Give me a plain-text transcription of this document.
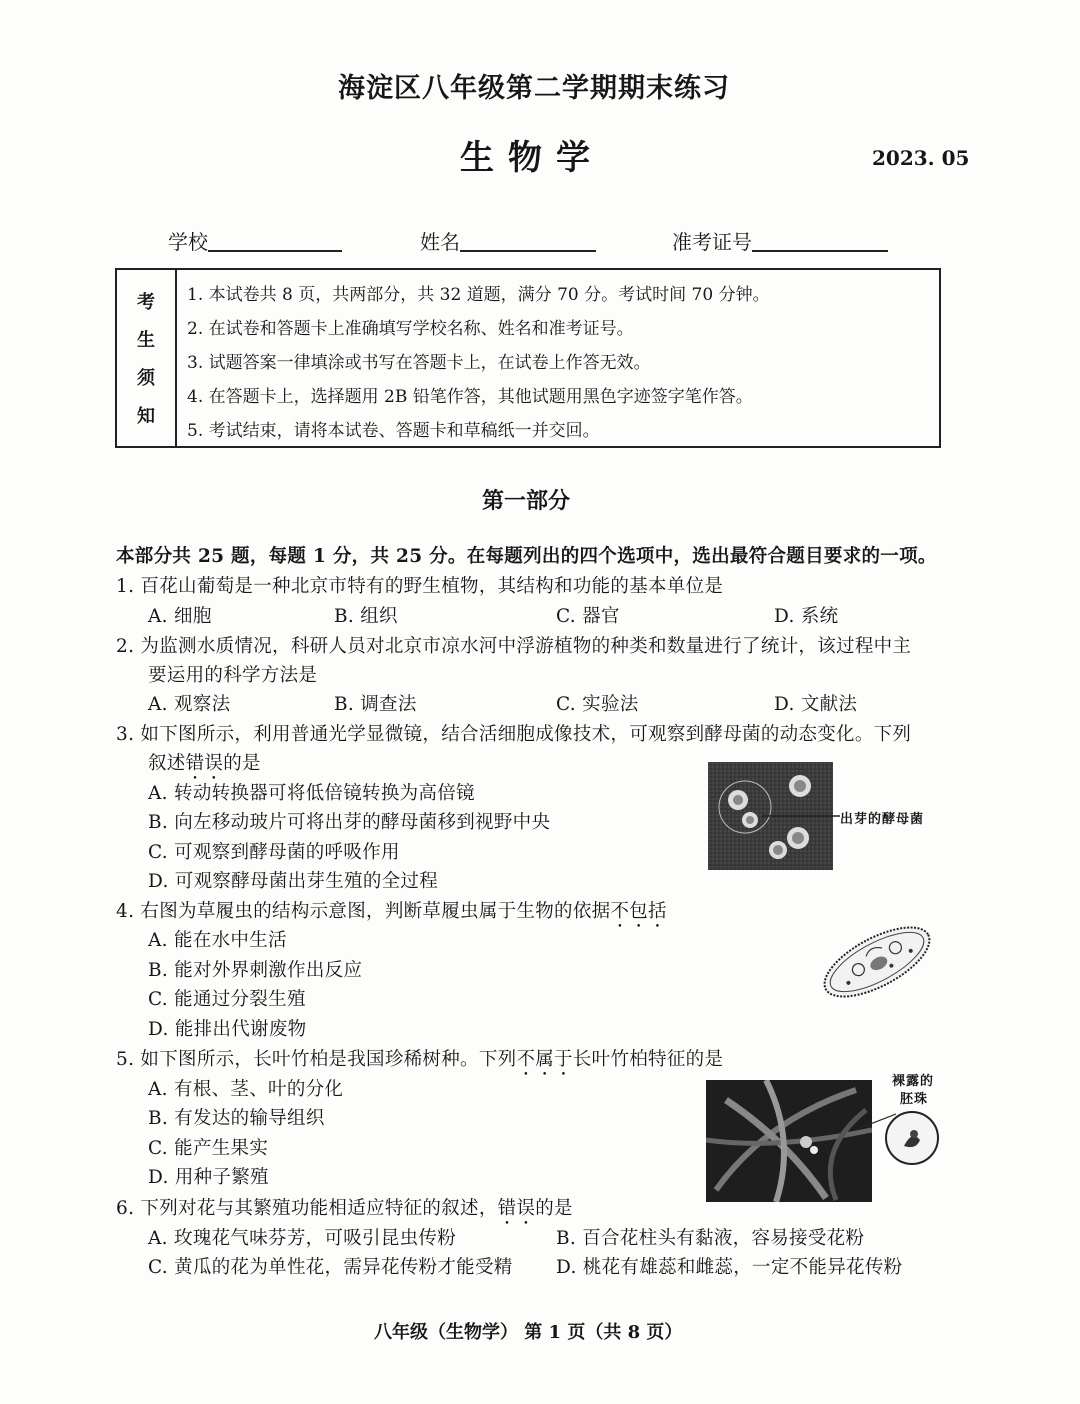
海淀区八年级第二学期期末练习
生物学	2023. 05
学校	姓名	准考证号
考
生
须
知
1. 本试卷共 8 页，共两部分，共 32 道题，满分 70 分。考试时间 70 分钟。
2. 在试卷和答题卡上准确填写学校名称、姓名和准考证号。
3. 试题答案一律填涂或书写在答题卡上，在试卷上作答无效。
4. 在答题卡上，选择题用 2B 铅笔作答，其他试题用黑色字迹签字笔作答。
5. 考试结束，请将本试卷、答题卡和草稿纸一并交回。
第一部分
本部分共 25 题，每题 1 分，共 25 分。在每题列出的四个选项中，选出最符合题目要求的一项。
1. 百花山葡萄是一种北京市特有的野生植物，其结构和功能的基本单位是
A. 细胞	B. 组织	C. 器官	D. 系统
2. 为监测水质情况，科研人员对北京市凉水河中浮游植物的种类和数量进行了统计，该过程中主
要运用的科学方法是
A. 观察法	B. 调查法	C. 实验法	D. 文献法
3. 如下图所示，利用普通光学显微镜，结合活细胞成像技术，可观察到酵母菌的动态变化。下列
叙述错误的是
A. 转动转换器可将低倍镜转换为高倍镜
B. 向左移动玻片可将出芽的酵母菌移到视野中央
C. 可观察到酵母菌的呼吸作用
D. 可观察酵母菌出芽生殖的全过程
出芽的酵母菌
4. 右图为草履虫的结构示意图，判断草履虫属于生物的依据不包括
A. 能在水中生活
B. 能对外界刺激作出反应
C. 能通过分裂生殖
D. 能排出代谢废物
5. 如下图所示，长叶竹柏是我国珍稀树种。下列不属于长叶竹柏特征的是
A. 有根、茎、叶的分化
B. 有发达的输导组织
C. 能产生果实
D. 用种子繁殖
裸露的
胚珠
6. 下列对花与其繁殖功能相适应特征的叙述，错误的是
A. 玫瑰花气味芬芳，可吸引昆虫传粉	B. 百合花柱头有黏液，容易接受花粉
C. 黄瓜的花为单性花，需异花传粉才能受精 D. 桃花有雄蕊和雌蕊，一定不能异花传粉
八年级（生物学） 第 1 页（共 8 页）
